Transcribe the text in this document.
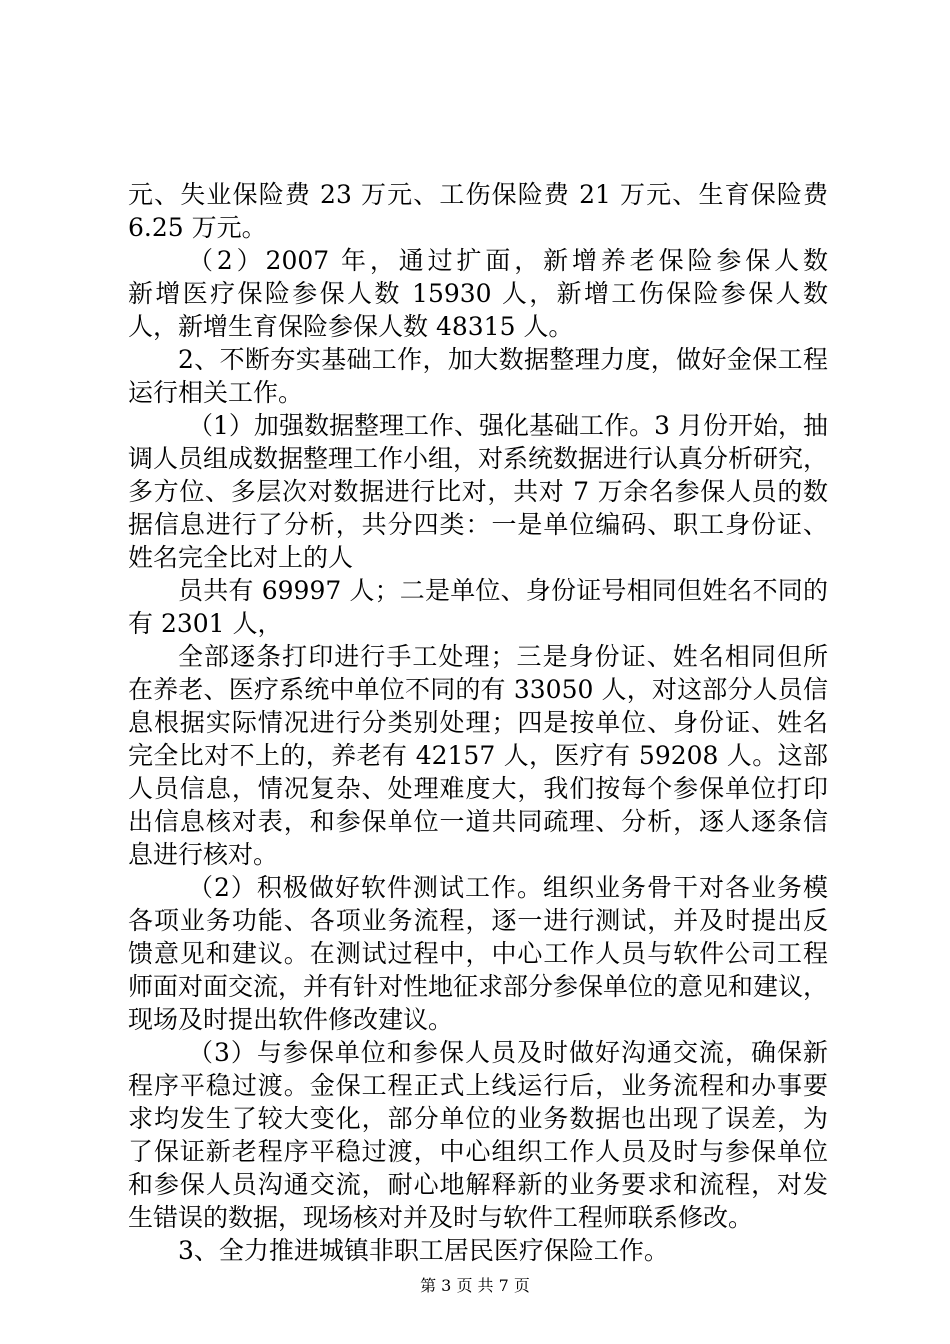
元、失业保险费 23 万元、工伤保险费 21 万元、生育保险费
6.25 万元。
（2）2007 年，通过扩面，新增养老保险参保人数
新增医疗保险参保人数 15930 人，新增工伤保险参保人数
人，新增生育保险参保人数 48315 人。
2、不断夯实基础工作，加大数据整理力度，做好金保工程
运行相关工作。
（1）加强数据整理工作、强化基础工作。3 月份开始，抽
调人员组成数据整理工作小组，对系统数据进行认真分析研究，
多方位、多层次对数据进行比对，共对 7 万余名参保人员的数
据信息进行了分析，共分四类：一是单位编码、职工身份证、
姓名完全比对上的人
员共有 69997 人；二是单位、身份证号相同但姓名不同的
有 2301 人，
全部逐条打印进行手工处理；三是身份证、姓名相同但所
在养老、医疗系统中单位不同的有 33050 人，对这部分人员信
息根据实际情况进行分类别处理；四是按单位、身份证、姓名
完全比对不上的，养老有 42157 人，医疗有 59208 人。这部
人员信息，情况复杂、处理难度大，我们按每个参保单位打印
出信息核对表，和参保单位一道共同疏理、分析，逐人逐条信
息进行核对。
（2）积极做好软件测试工作。组织业务骨干对各业务模
各项业务功能、各项业务流程，逐一进行测试，并及时提出反
馈意见和建议。在测试过程中，中心工作人员与软件公司工程
师面对面交流，并有针对性地征求部分参保单位的意见和建议，
现场及时提出软件修改建议。
（3）与参保单位和参保人员及时做好沟通交流，确保新
程序平稳过渡。金保工程正式上线运行后，业务流程和办事要
求均发生了较大变化，部分单位的业务数据也出现了误差，为
了保证新老程序平稳过渡，中心组织工作人员及时与参保单位
和参保人员沟通交流，耐心地解释新的业务要求和流程，对发
生错误的数据，现场核对并及时与软件工程师联系修改。
3、全力推进城镇非职工居民医疗保险工作。
第 3 页 共 7 页
